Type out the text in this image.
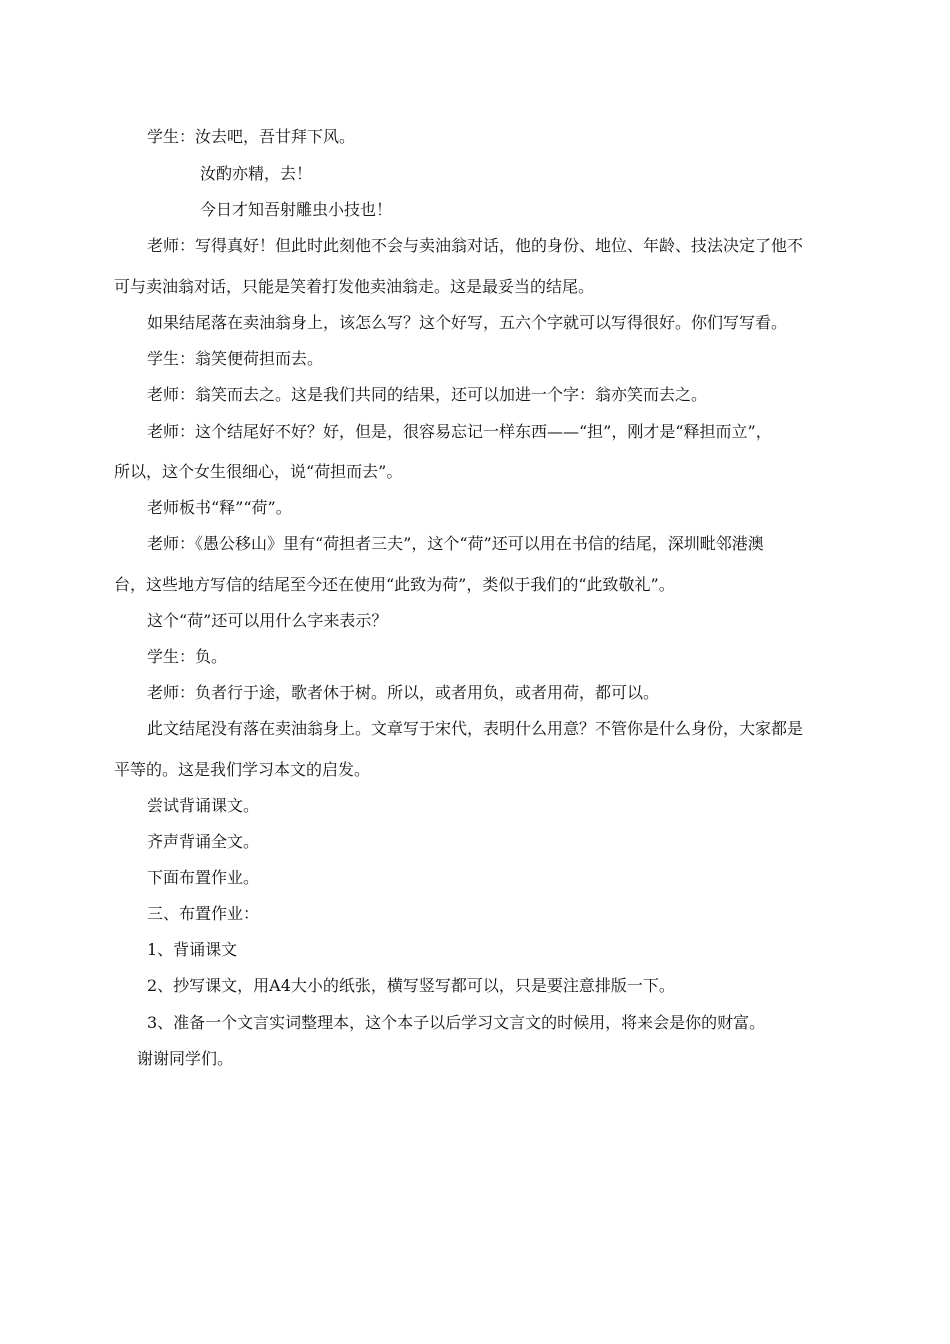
学生：汝去吧，吾甘拜下风。
汝酌亦精，去！
今日才知吾射雕虫小技也！
老师：写得真好！但此时此刻他不会与卖油翁对话，他的身份、地位、年龄、技法决定了他不
可与卖油翁对话，只能是笑着打发他卖油翁走。这是最妥当的结尾。
如果结尾落在卖油翁身上，该怎么写？这个好写，五六个字就可以写得很好。你们写写看。
学生：翁笑便荷担而去。
老师：翁笑而去之。这是我们共同的结果，还可以加进一个字：翁亦笑而去之。
老师：这个结尾好不好？好，但是，很容易忘记一样东西——“担”，刚才是“释担而立”，
所以，这个女生很细心，说“荷担而去”。
老师板书“释”“荷”。
老师：《愚公移山》里有“荷担者三夫”，这个“荷”还可以用在书信的结尾，深圳毗邻港澳
台，这些地方写信的结尾至今还在使用“此致为荷”，类似于我们的“此致敬礼”。
这个“荷”还可以用什么字来表示？
学生：负。
老师：负者行于途，歌者休于树。所以，或者用负，或者用荷，都可以。
此文结尾没有落在卖油翁身上。文章写于宋代，表明什么用意？不管你是什么身份，大家都是
平等的。这是我们学习本文的启发。
尝试背诵课文。
齐声背诵全文。
下面布置作业。
三、布置作业：
1、背诵课文
2、抄写课文，用A4大小的纸张，横写竖写都可以，只是要注意排版一下。
3、准备一个文言实词整理本，这个本子以后学习文言文的时候用，将来会是你的财富。
谢谢同学们。
